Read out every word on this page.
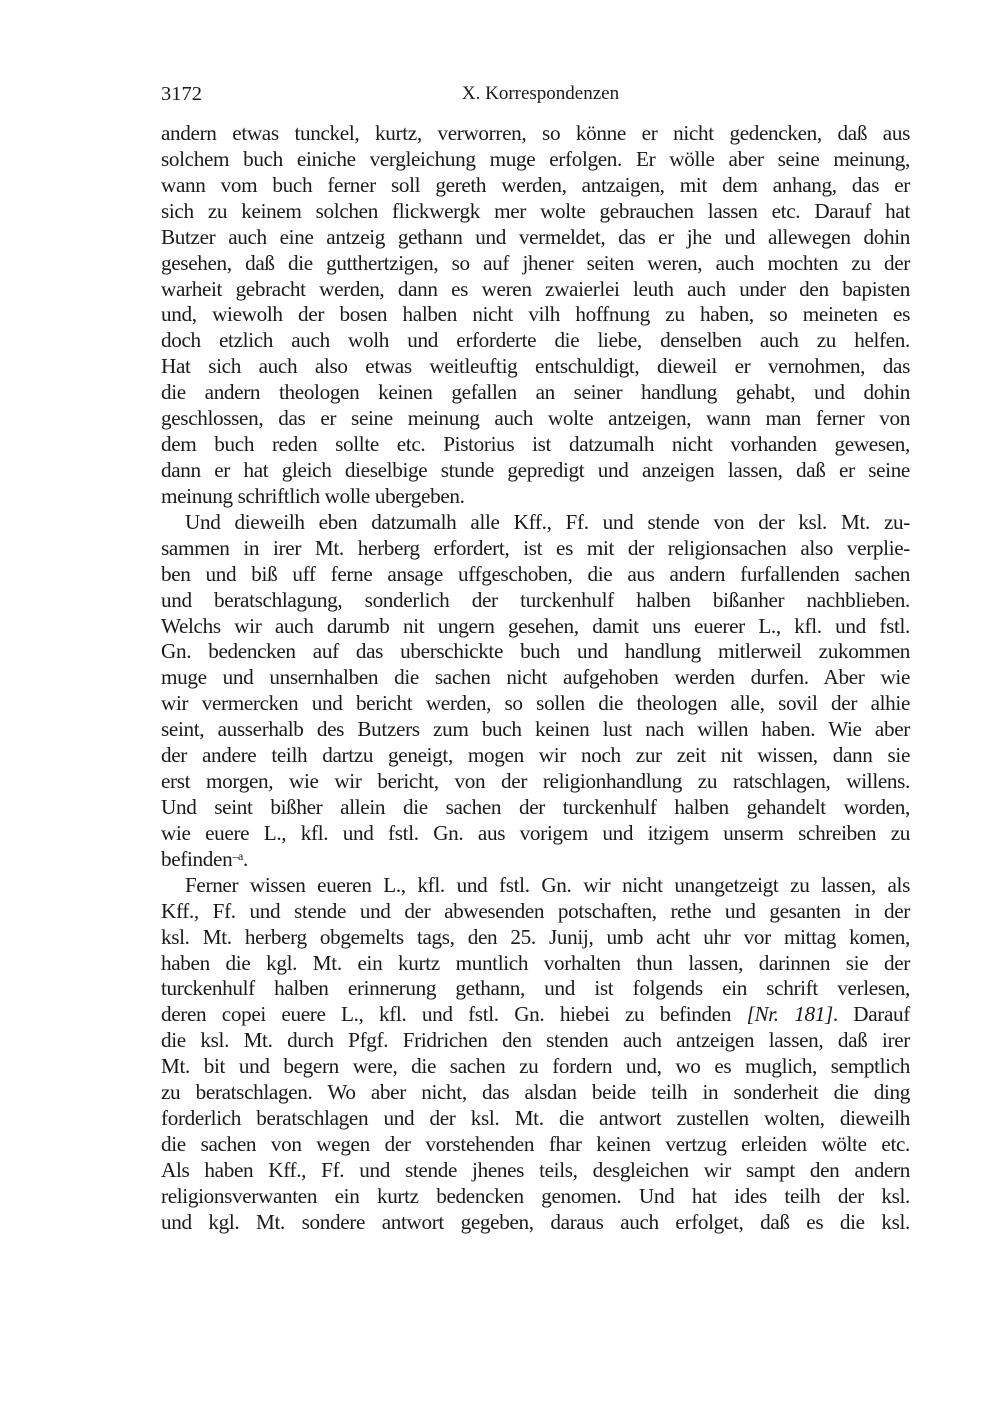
3172	X. Korrespondenzen
andern etwas tunckel, kurtz, verworren, so könne er nicht gedencken, daß aus
solchem buch einiche vergleichung muge erfolgen. Er wölle aber seine meinung,
wann vom buch ferner soll gereth werden, antzaigen, mit dem anhang, das er
sich zu keinem solchen flickwergk mer wolte gebrauchen lassen etc. Darauf hat
Butzer auch eine antzeig gethann und vermeldet, das er jhe und allewegen dohin
gesehen, daß die gutthertzigen, so auf jhener seiten weren, auch mochten zu der
warheit gebracht werden, dann es weren zwaierlei leuth auch under den bapisten
und, wiewolh der bosen halben nicht vilh hoffnung zu haben, so meineten es
doch etzlich auch wolh und erforderte die liebe, denselben auch zu helfen.
Hat sich auch also etwas weitleuftig entschuldigt, dieweil er vernohmen, das
die andern theologen keinen gefallen an seiner handlung gehabt, und dohin
geschlossen, das er seine meinung auch wolte antzeigen, wann man ferner von
dem buch reden sollte etc. Pistorius ist datzumalh nicht vorhanden gewesen,
dann er hat gleich dieselbige stunde gepredigt und anzeigen lassen, daß er seine
meinung schriftlich wolle ubergeben.
Und dieweilh eben datzumalh alle Kff., Ff. und stende von der ksl. Mt. zu-
sammen in irer Mt. herberg erfordert, ist es mit der religionsachen also verplie-
ben und biß uff ferne ansage uffgeschoben, die aus andern furfallenden sachen
und beratschlagung, sonderlich der turckenhulf halben bißanher nachblieben.
Welchs wir auch darumb nit ungern gesehen, damit uns euerer L., kfl. und fstl.
Gn. bedencken auf das uberschickte buch und handlung mitlerweil zukommen
muge und unsernhalben die sachen nicht aufgehoben werden durfen. Aber wie
wir vermercken und bericht werden, so sollen die theologen alle, sovil der alhie
seint, ausserhalb des Butzers zum buch keinen lust nach willen haben. Wie aber
der andere teilh dartzu geneigt, mogen wir noch zur zeit nit wissen, dann sie
erst morgen, wie wir bericht, von der religionhandlung zu ratschlagen, willens.
Und seint bißher allein die sachen der turckenhulf halben gehandelt worden,
wie euere L., kfl. und fstl. Gn. aus vorigem und itzigem unserm schreiben zu
befinden$^{-a}$.
Ferner wissen eueren L., kfl. und fstl. Gn. wir nicht unangetzeigt zu lassen, als
Kff., Ff. und stende und der abwesenden potschaften, rethe und gesanten in der
ksl. Mt. herberg obgemelts tags, den 25. Junij, umb acht uhr vor mittag komen,
haben die kgl. Mt. ein kurtz muntlich vorhalten thun lassen, darinnen sie der
turckenhulf halben erinnerung gethann, und ist folgends ein schrift verlesen,
deren copei euere L., kfl. und fstl. Gn. hiebei zu befinden [Nr. 181]. Darauf
die ksl. Mt. durch Pfgf. Fridrichen den stenden auch antzeigen lassen, daß irer
Mt. bit und begern were, die sachen zu fordern und, wo es muglich, semptlich
zu beratschlagen. Wo aber nicht, das alsdan beide teilh in sonderheit die ding
forderlich beratschlagen und der ksl. Mt. die antwort zustellen wolten, dieweilh
die sachen von wegen der vorstehenden fhar keinen vertzug erleiden wölte etc.
Als haben Kff., Ff. und stende jhenes teils, desgleichen wir sampt den andern
religionsverwanten ein kurtz bedencken genomen. Und hat ides teilh der ksl.
und kgl. Mt. sondere antwort gegeben, daraus auch erfolget, daß es die ksl.
